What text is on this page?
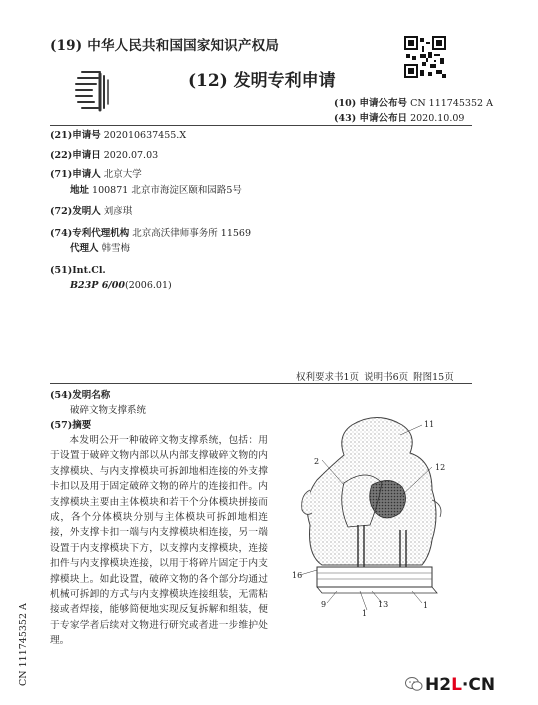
(19) 中华人民共和国国家知识产权局
(12) 发明专利申请
(10) 申请公布号 CN 111745352 A
(43) 申请公布日 2020.10.09
(21)申请号 202010637455.X
(22)申请日 2020.07.03
(71)申请人 北京大学
地址 100871 北京市海淀区颐和园路5号
(72)发明人 刘彦琪
(74)专利代理机构 北京高沃律师事务所 11569
代理人 韩雪梅
(51)Int.Cl.
B23P 6/00(2006.01)
权利要求书1页 说明书6页 附图15页
(54)发明名称
破碎文物支撑系统
(57)摘要

本发明公开一种破碎文物支撑系统，包括：用于设置于破碎文物内部以从内部支撑破碎文物的内支撑模块、与内支撑模块可拆卸地相连接的外支撑卡扣以及用于固定破碎文物的碎片的连接扣件。内支撑模块主要由主体模块和若干个分体模块拼接而成，各个分体模块分别与主体模块可拆卸地相连接，外支撑卡扣一端与内支撑模块相连接，另一端设置于内支撑模块下方，以支撑内支撑模块，连接扣件与内支撑模块连接，以用于将碎片固定于内支撑模块上。如此设置，破碎文物的各个部分均通过机械可拆卸的方式与内支撑模块连接组装，无需粘接或者焊接，能够简便地实现反复拆解和组装，便于专家学者后续对文物进行研究或者进一步维护处理。

11
2
12
16
9	13
1
1
CN 111745352 A	H2L·CN
